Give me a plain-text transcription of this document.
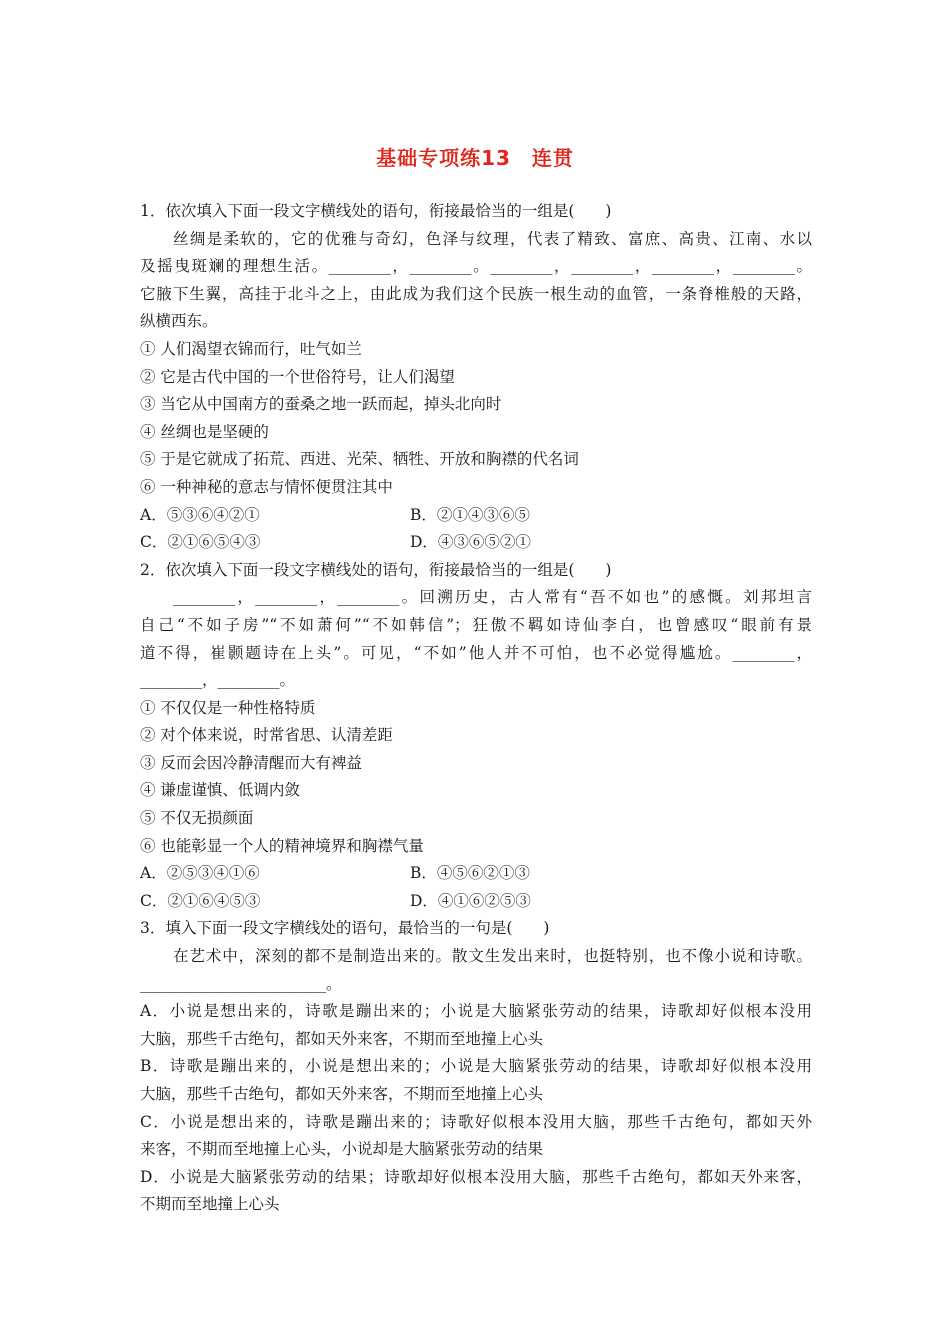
基础专项练13　连贯
1．依次填入下面一段文字横线处的语句，衔接最恰当的一组是(　　)
丝绸是柔软的，它的优雅与奇幻，色泽与纹理，代表了精致、富庶、高贵、江南、水以
及摇曳斑斓的理想生活。________，________。________，________，________，________。
它腋下生翼，高挂于北斗之上，由此成为我们这个民族一根生动的血管，一条脊椎般的天路，
纵横西东。
① 人们渴望衣锦而行，吐气如兰
② 它是古代中国的一个世俗符号，让人们渴望
③ 当它从中国南方的蚕桑之地一跃而起，掉头北向时
④ 丝绸也是坚硬的
⑤ 于是它就成了拓荒、西进、光荣、牺牲、开放和胸襟的代名词
⑥ 一种神秘的意志与情怀便贯注其中
A．⑤③⑥④②①	B．②①④③⑥⑤
C．②①⑥⑤④③	D．④③⑥⑤②①
2．依次填入下面一段文字横线处的语句，衔接最恰当的一组是(　　)
________，________，________。回溯历史，古人常有“吾不如也”的感慨。刘邦坦言
自己“不如子房”“不如萧何”“不如韩信”；狂傲不羁如诗仙李白，也曾感叹“眼前有景
道不得，崔颢题诗在上头”。可见，“不如”他人并不可怕，也不必觉得尴尬。________，
________，________。
① 不仅仅是一种性格特质
② 对个体来说，时常省思、认清差距
③ 反而会因冷静清醒而大有裨益
④ 谦虚谨慎、低调内敛
⑤ 不仅无损颜面
⑥ 也能彰显一个人的精神境界和胸襟气量
A．②⑤③④①⑥	B．④⑤⑥②①③
C．②①⑥④⑤③	D．④①⑥②⑤③
3．填入下面一段文字横线处的语句，最恰当的一句是(　　)
在艺术中，深刻的都不是制造出来的。散文生发出来时，也挺特别，也不像小说和诗歌。
________________________。
A．小说是想出来的，诗歌是蹦出来的；小说是大脑紧张劳动的结果，诗歌却好似根本没用
大脑，那些千古绝句，都如天外来客，不期而至地撞上心头
B．诗歌是蹦出来的，小说是想出来的；小说是大脑紧张劳动的结果，诗歌却好似根本没用
大脑，那些千古绝句，都如天外来客，不期而至地撞上心头
C．小说是想出来的，诗歌是蹦出来的；诗歌好似根本没用大脑，那些千古绝句，都如天外
来客，不期而至地撞上心头，小说却是大脑紧张劳动的结果
D．小说是大脑紧张劳动的结果；诗歌却好似根本没用大脑，那些千古绝句，都如天外来客，
不期而至地撞上心头
